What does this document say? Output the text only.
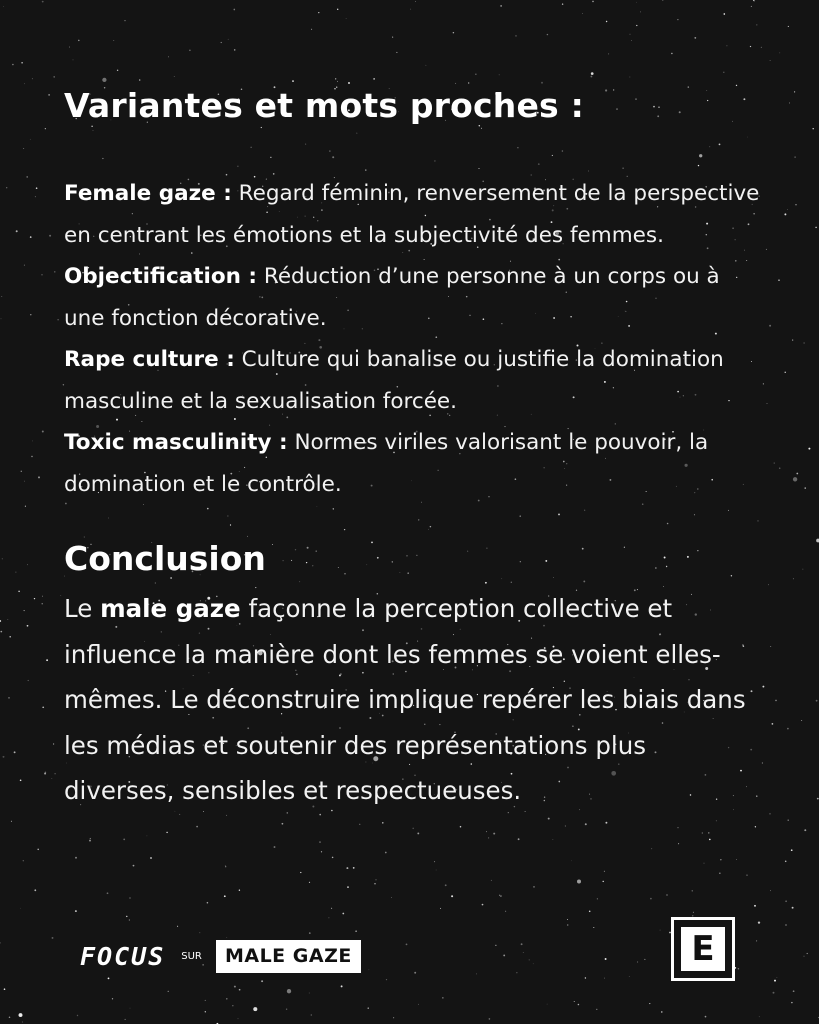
Variantes et mots proches :

Female gaze : Regard féminin, renversement de la perspective en centrant les émotions et la subjectivité des femmes.

Objectification : Réduction d’une personne à un corps ou à une fonction décorative.

Rape culture : Culture qui banalise ou justifie la domination masculine et la sexualisation forcée.

Toxic masculinity : Normes viriles valorisant le pouvoir, la domination et le contrôle.

Conclusion

Le male gaze façonne la perception collective et influence la manière dont les femmes se voient elles-mêmes. Le déconstruire implique repérer les biais dans les médias et soutenir des représentations plus diverses, sensibles et respectueuses.

FOCUS SUR	MALE GAZE	E
